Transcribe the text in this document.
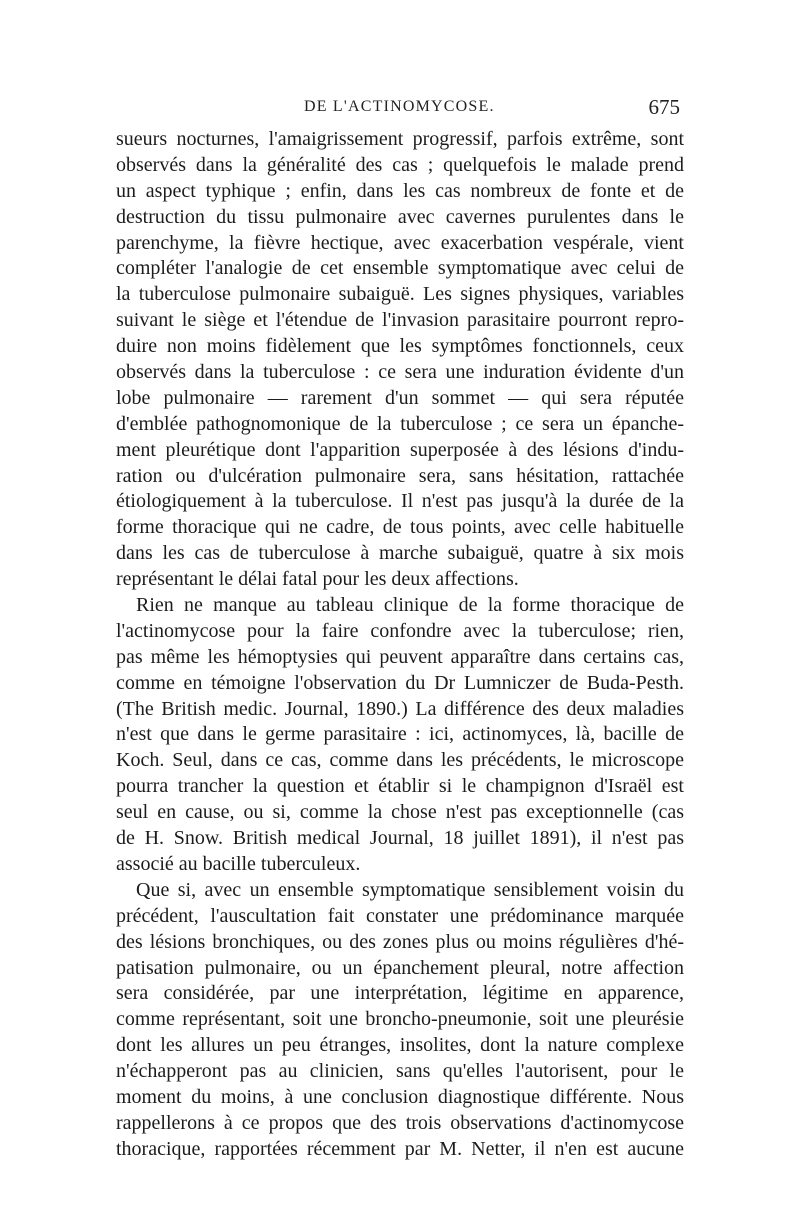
DE L'ACTINOMYCOSE.	675
sueurs nocturnes, l'amaigrissement progressif, parfois extrême, sont
observés dans la généralité des cas ; quelquefois le malade prend
un aspect typhique ; enfin, dans les cas nombreux de fonte et de
destruction du tissu pulmonaire avec cavernes purulentes dans le
parenchyme, la fièvre hectique, avec exacerbation vespérale, vient
compléter l'analogie de cet ensemble symptomatique avec celui de
la tuberculose pulmonaire subaiguë. Les signes physiques, variables
suivant le siège et l'étendue de l'invasion parasitaire pourront repro-
duire non moins fidèlement que les symptômes fonctionnels, ceux
observés dans la tuberculose : ce sera une induration évidente d'un
lobe pulmonaire — rarement d'un sommet — qui sera réputée
d'emblée pathognomonique de la tuberculose ; ce sera un épanche-
ment pleurétique dont l'apparition superposée à des lésions d'indu-
ration ou d'ulcération pulmonaire sera, sans hésitation, rattachée
étiologiquement à la tuberculose. Il n'est pas jusqu'à la durée de la
forme thoracique qui ne cadre, de tous points, avec celle habituelle
dans les cas de tuberculose à marche subaiguë, quatre à six mois
représentant le délai fatal pour les deux affections.
Rien ne manque au tableau clinique de la forme thoracique de
l'actinomycose pour la faire confondre avec la tuberculose; rien,
pas même les hémoptysies qui peuvent apparaître dans certains cas,
comme en témoigne l'observation du Dr Lumniczer de Buda-Pesth.
(The British medic. Journal, 1890.) La différence des deux maladies
n'est que dans le germe parasitaire : ici, actinomyces, là, bacille de
Koch. Seul, dans ce cas, comme dans les précédents, le microscope
pourra trancher la question et établir si le champignon d'Israël est
seul en cause, ou si, comme la chose n'est pas exceptionnelle (cas
de H. Snow. British medical Journal, 18 juillet 1891), il n'est pas
associé au bacille tuberculeux.
Que si, avec un ensemble symptomatique sensiblement voisin du
précédent, l'auscultation fait constater une prédominance marquée
des lésions bronchiques, ou des zones plus ou moins régulières d'hé-
patisation pulmonaire, ou un épanchement pleural, notre affection
sera considérée, par une interprétation, légitime en apparence,
comme représentant, soit une broncho-pneumonie, soit une pleurésie
dont les allures un peu étranges, insolites, dont la nature complexe
n'échapperont pas au clinicien, sans qu'elles l'autorisent, pour le
moment du moins, à une conclusion diagnostique différente. Nous
rappellerons à ce propos que des trois observations d'actinomycose
thoracique, rapportées récemment par M. Netter, il n'en est aucune
